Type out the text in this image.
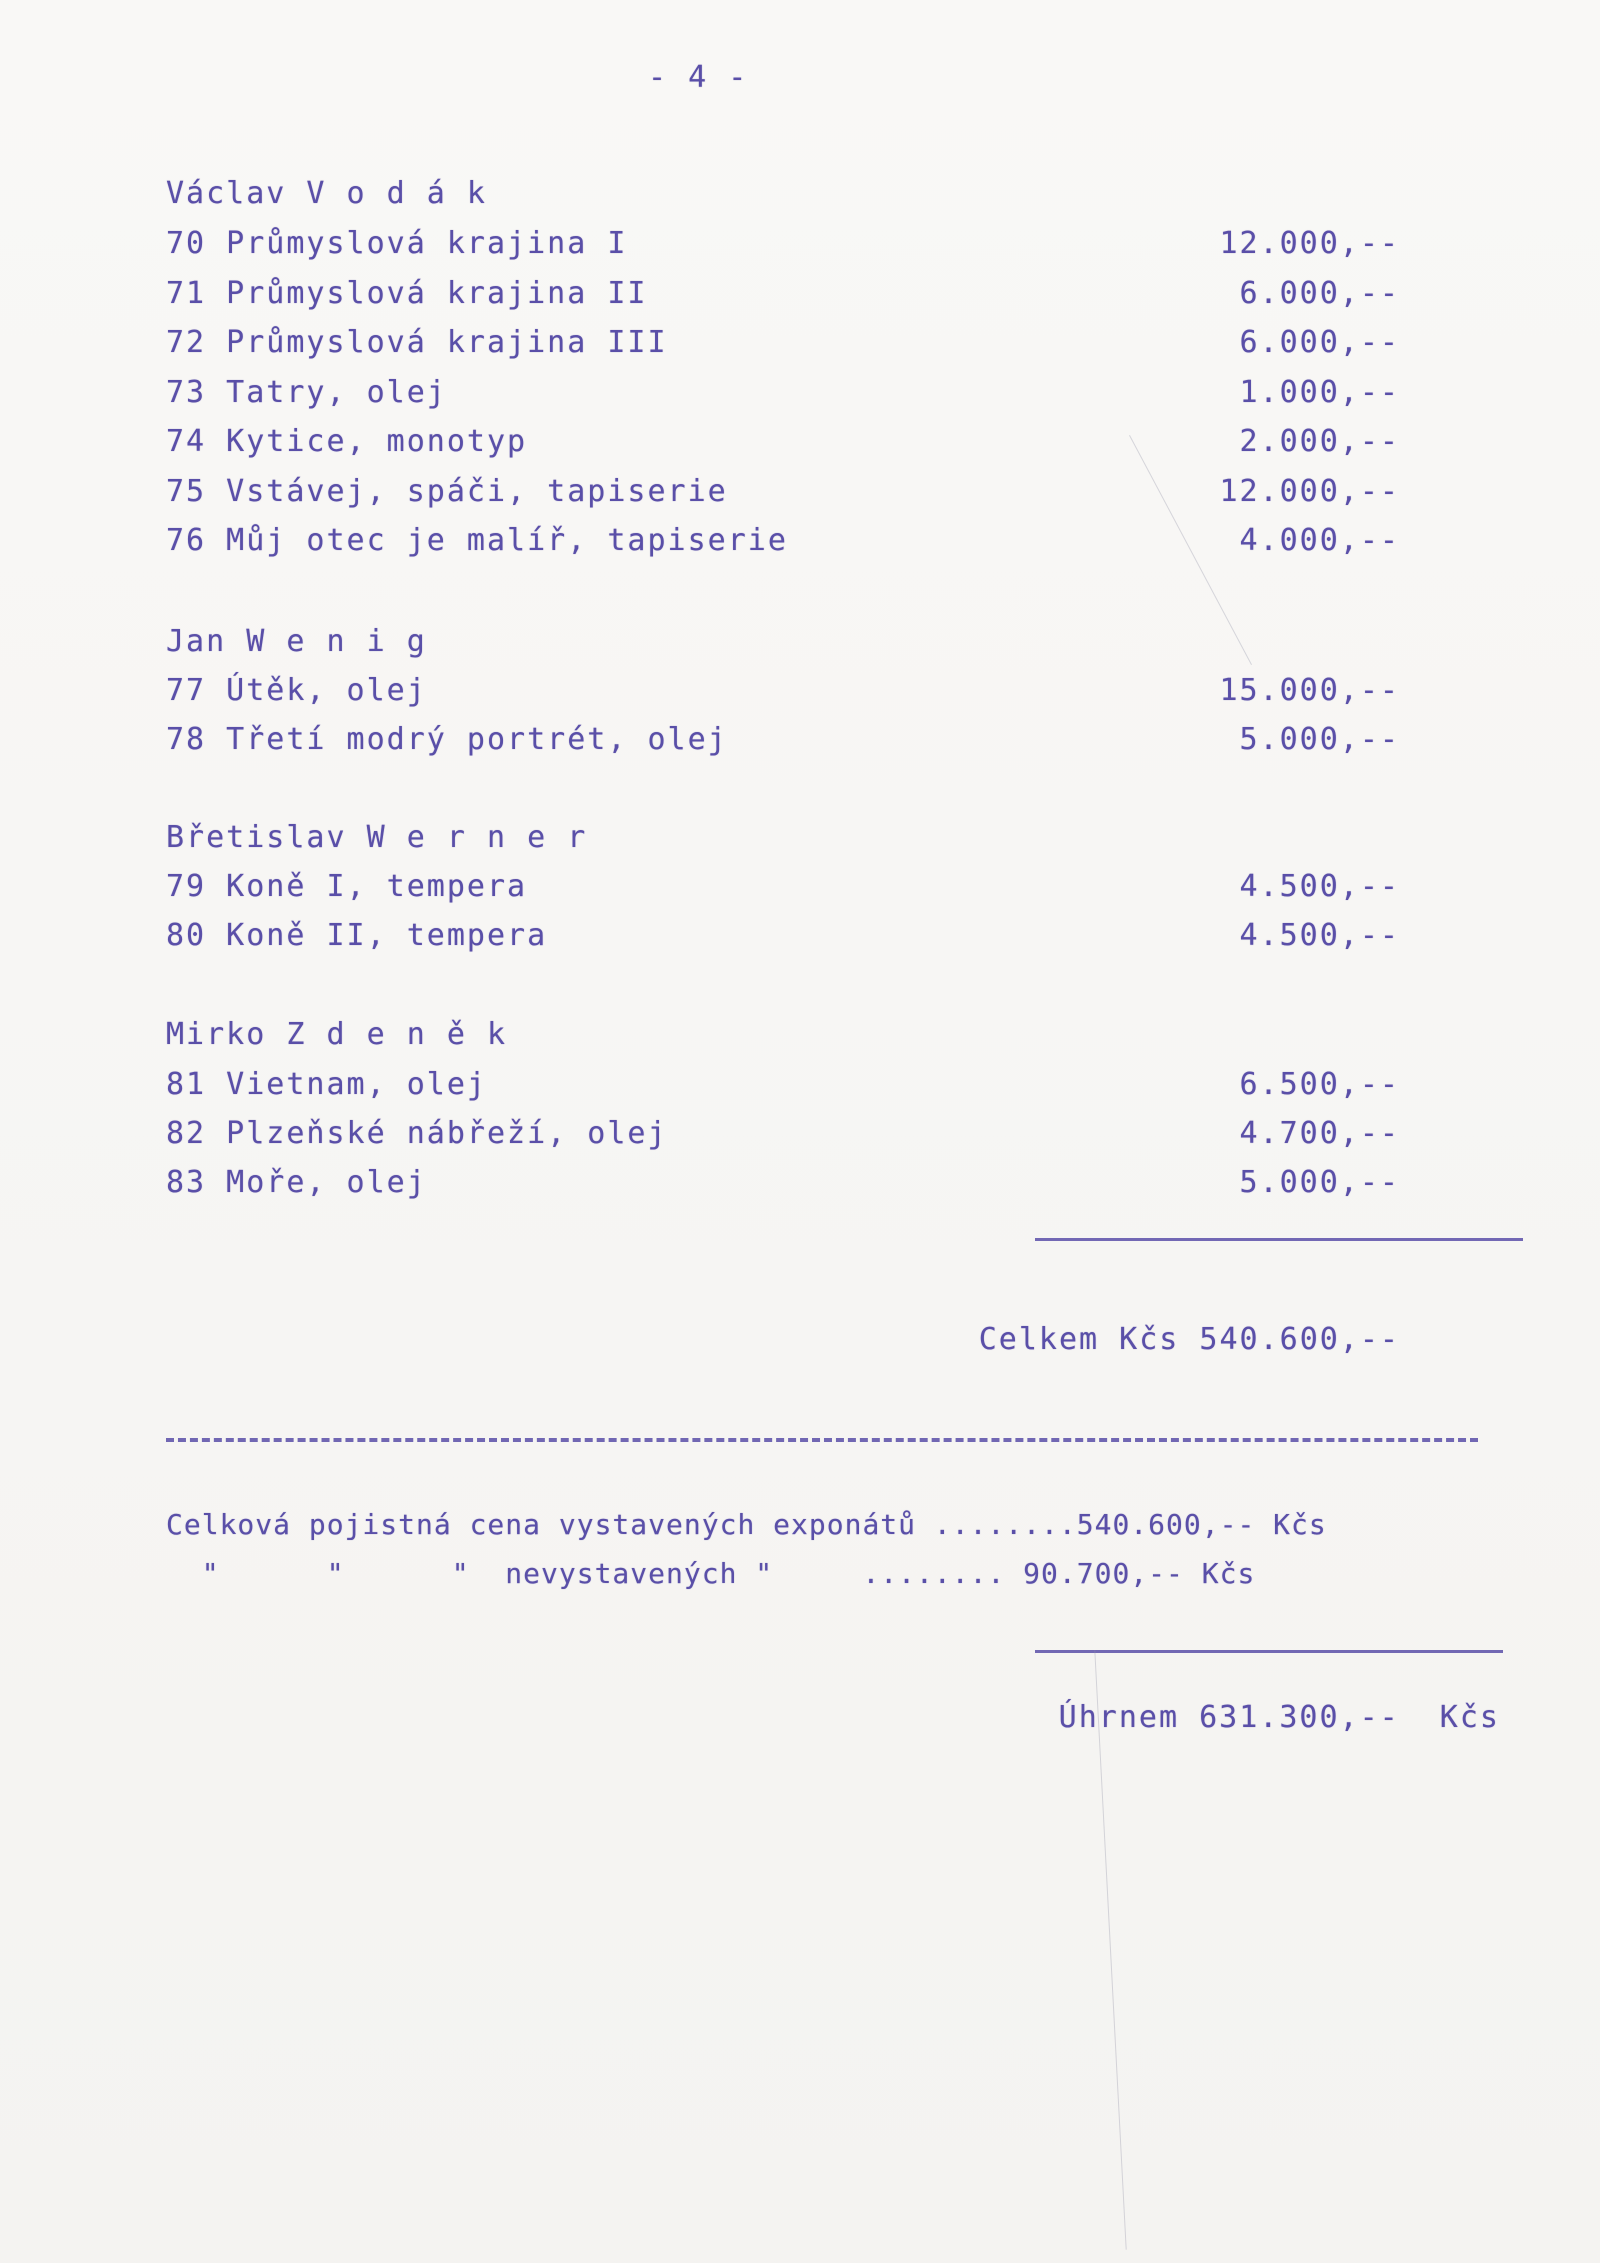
- 4 -
Václav V o d á k
70 Průmyslová krajina I	12.000,--
71 Průmyslová krajina II	6.000,--
72 Průmyslová krajina III	6.000,--
73 Tatry, olej	1.000,--
74 Kytice, monotyp	2.000,--
75 Vstávej, spáči, tapiserie	12.000,--
76 Můj otec je malíř, tapiserie	4.000,--
Jan W e n i g
77 Útěk, olej	15.000,--
78 Třetí modrý portrét, olej	5.000,--
Břetislav W e r n e r
79 Koně I, tempera	4.500,--
80 Koně II, tempera	4.500,--
Mirko Z d e n ě k
81 Vietnam, olej	6.500,--
82 Plzeňské nábřeží, olej	4.700,--
83 Moře, olej	5.000,--
Celkem Kčs 540.600,--
Celková pojistná cena vystavených exponátů ........540.600,-- Kčs
"      "      "  nevystavených "     ........ 90.700,-- Kčs
Úhrnem 631.300,--  Kčs
